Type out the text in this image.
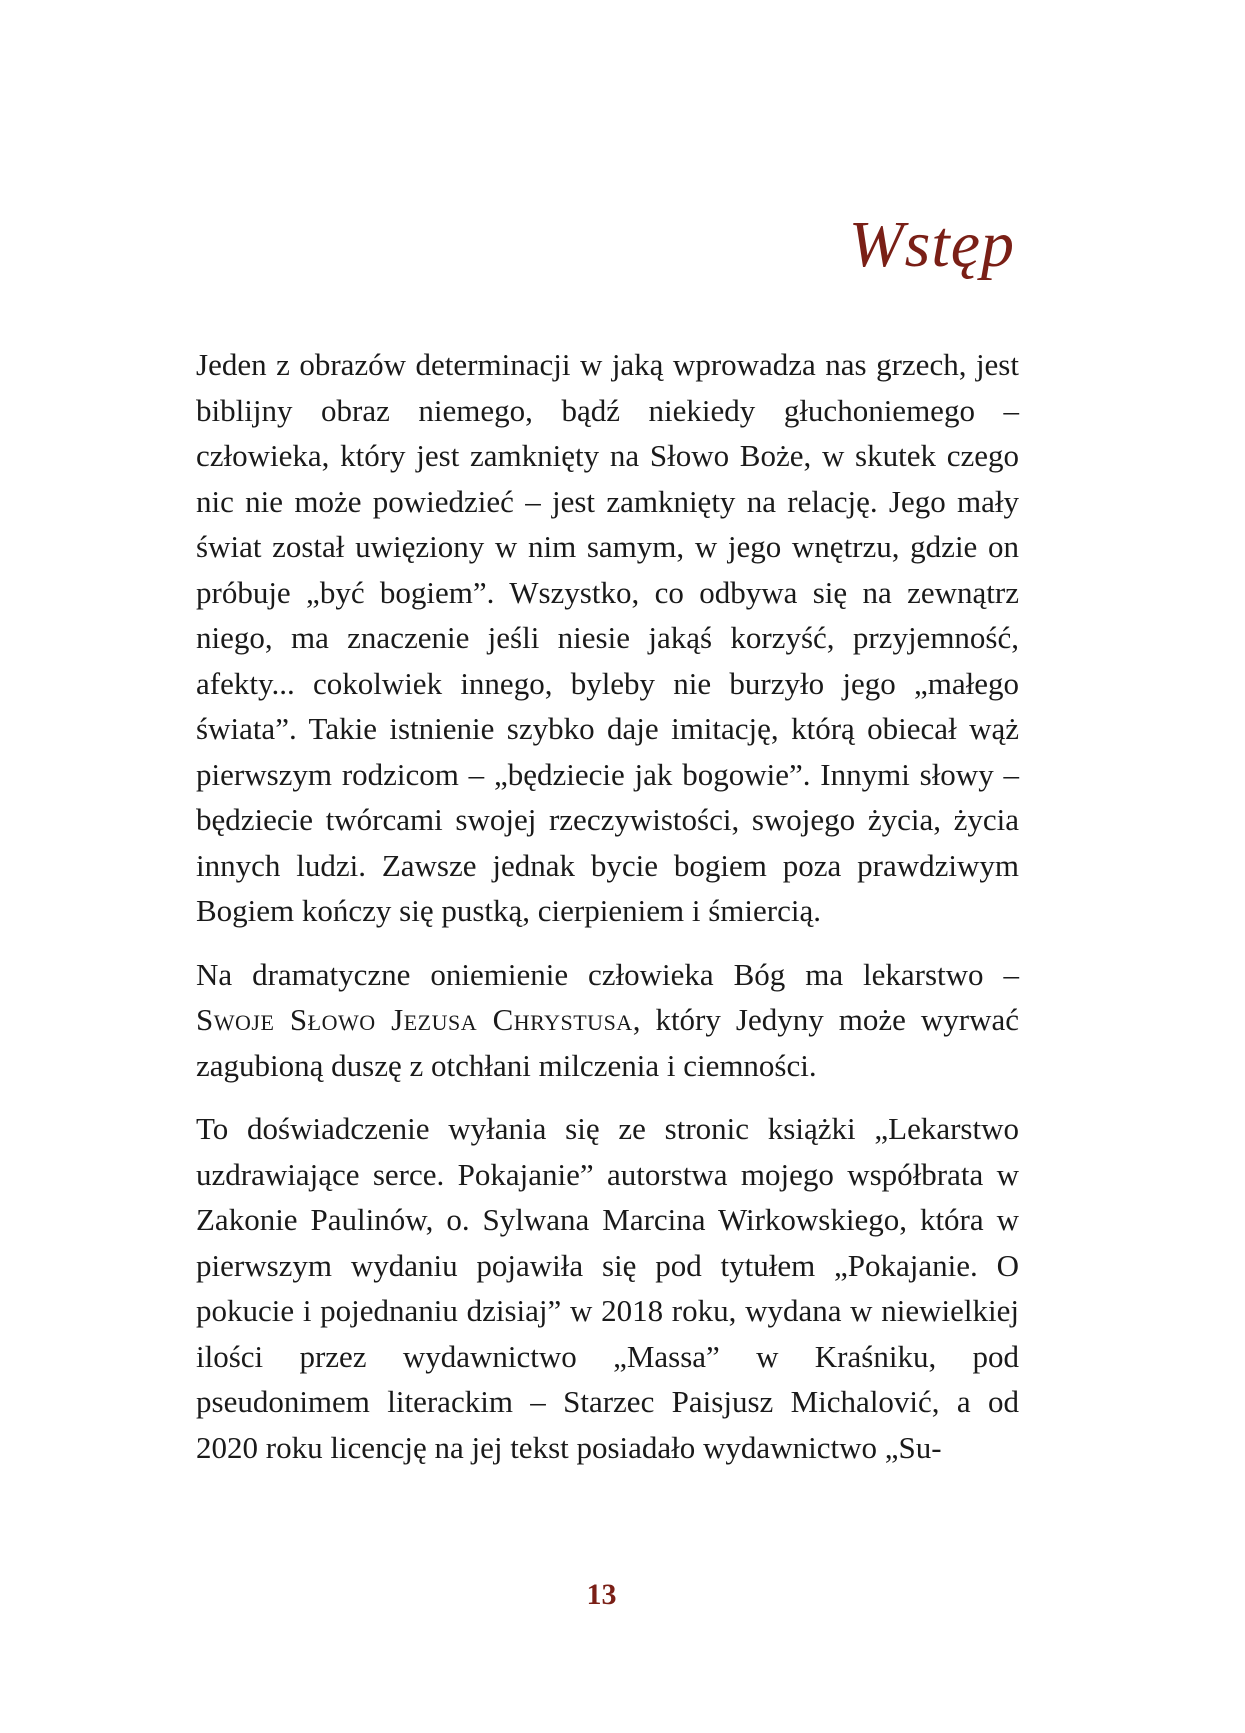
Wstęp

Jeden z obrazów determinacji w jaką wprowadza nas grzech, jest biblijny obraz niemego, bądź niekiedy głuchoniemego – człowieka, który jest zamknięty na Słowo Boże, w skutek czego nic nie może powiedzieć – jest zamknięty na relację. Jego mały świat został uwięziony w nim samym, w jego wnętrzu, gdzie on próbuje „być bogiem”. Wszystko, co odbywa się na zewnątrz niego, ma znaczenie jeśli niesie jakąś korzyść, przyjemność, afekty... cokolwiek innego, byleby nie burzyło jego „małego świata”. Takie istnienie szybko daje imitację, którą obiecał wąż pierwszym rodzicom – „będziecie jak bogowie”. Innymi słowy – będziecie twórcami swojej rzeczywistości, swojego życia, życia innych ludzi. Zawsze jednak bycie bogiem poza prawdziwym Bogiem kończy się pustką, cierpieniem i śmiercią.

Na dramatyczne oniemienie człowieka Bóg ma lekarstwo – Swoje Słowo Jezusa Chrystusa, który Jedyny może wyrwać zagubioną duszę z otchłani milczenia i ciemności.

To doświadczenie wyłania się ze stronic książki „Lekarstwo uzdrawiające serce. Pokajanie” autorstwa mojego współbrata w Zakonie Paulinów, o. Sylwana Marcina Wirkowskiego, która w pierwszym wydaniu pojawiła się pod tytułem „Pokajanie. O pokucie i pojednaniu dzisiaj” w 2018 roku, wydana w niewielkiej ilości przez wydawnictwo „Massa” w Kraśniku, pod pseudonimem literackim – Starzec Paisjusz Michalović, a od 2020 roku licencję na jej tekst posiadało wydawnictwo „Su-

13
